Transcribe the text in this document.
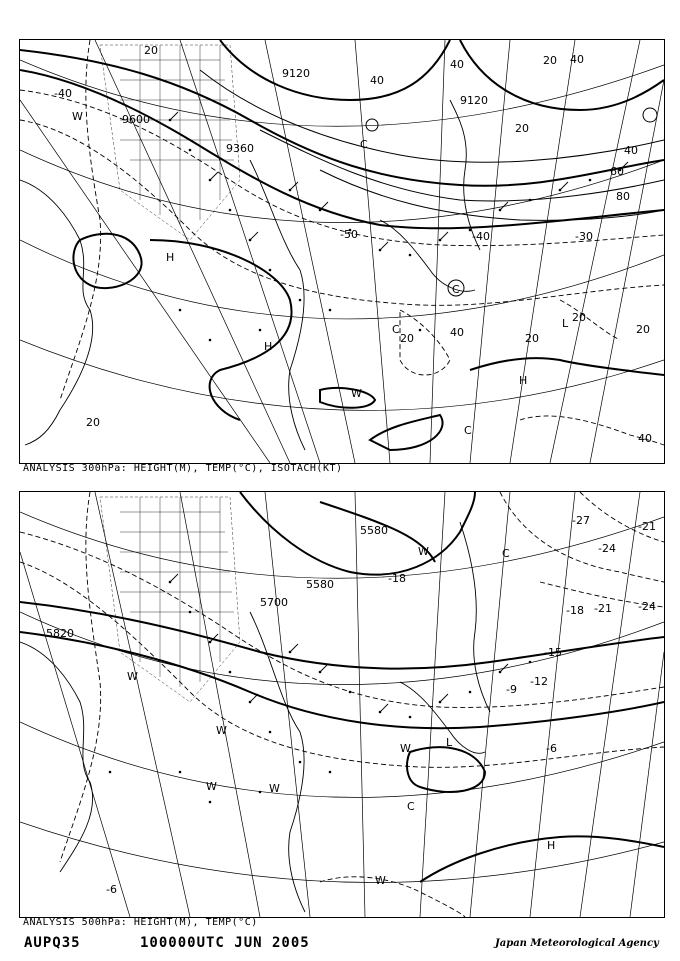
9120
9120
9600
9360
-40
-50	-40	-30
20
40
40	20 40
20
20	20
40
20
20
40
40
60
80
20
W
H
H
W
C
C
H
C
L
C
ANALYSIS 300hPa: HEIGHT(M), TEMP(°C), ISOTACH(KT)
5580
5580
5700
5820
-27	-21
-24
-24
-21
-18
-15
-12
-9
-6
-18
-6
W
W
W
W
W
C
W
W
H
L
C
ANALYSIS 500hPa: HEIGHT(M), TEMP(°C)
AUPQ35	100000UTC JUN 2005	Japan Meteorological Agency
